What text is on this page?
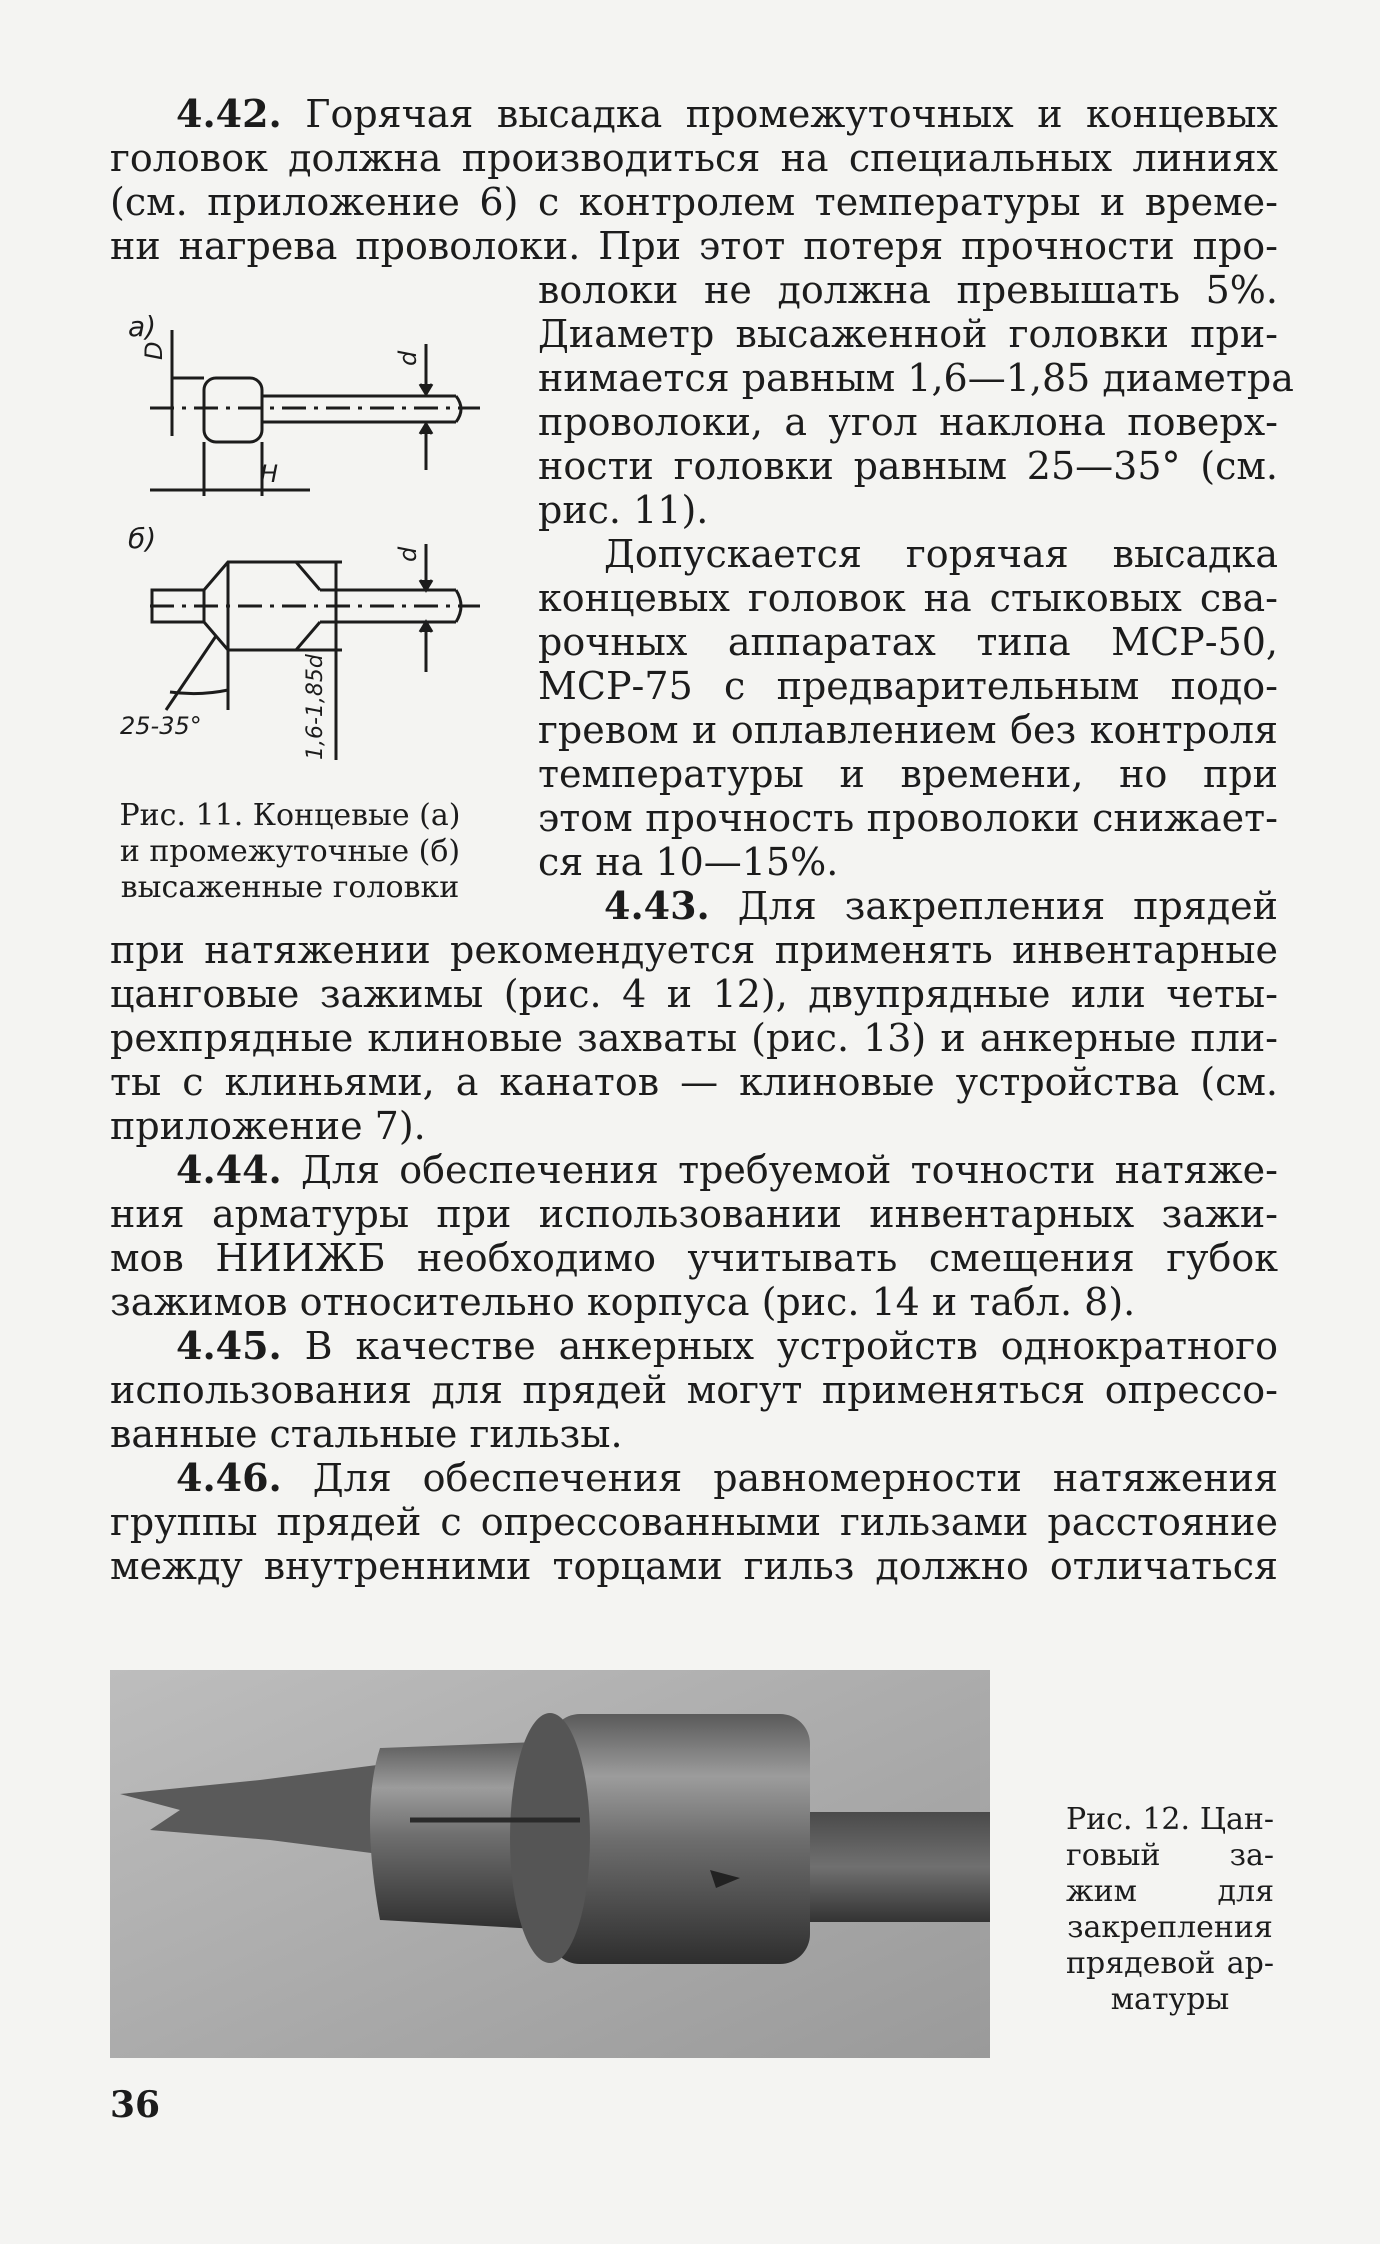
4.42. Горячая высадка промежуточных и концевых
головок должна производиться на специальных линиях
(см. приложение 6) с контролем температуры и време-
ни нагрева проволоки. При этот потеря прочности про-
волоки не должна превышать 5%.
Диаметр высаженной головки при-
нимается равным 1,6—1,85 диаметра
проволоки, а угол наклона поверх-
ности головки равным 25—35° (см.
рис. 11).
Допускается горячая высадка
концевых головок на стыковых сва-
рочных аппаратах типа МСР-50,
МСР-75 с предварительным подо-
гревом и оплавлением без контроля
температуры и времени, но при
этом прочность проволоки снижает-
ся на 10—15%.
4.43. Для закрепления прядей
при натяжении рекомендуется применять инвентарные
цанговые зажимы (рис. 4 и 12), двупрядные или четы-
рехпрядные клиновые захваты (рис. 13) и анкерные пли-
ты с клиньями, а канатов — клиновые устройства (см.
приложение 7).
4.44. Для обеспечения требуемой точности натяже-
ния арматуры при использовании инвентарных зажи-
мов НИИЖБ необходимо учитывать смещения губок
зажимов относительно корпуса (рис. 14 и табл. 8).
4.45. В качестве анкерных устройств однократного
использования для прядей могут применяться опрессо-
ванные стальные гильзы.
4.46. Для обеспечения равномерности натяжения
группы прядей с опрессованными гильзами расстояние
между внутренними торцами гильз должно отличаться
а)
D	d
H
б)	d
1,6-1,85d
25-35°
Рис. 11. Концевые (а)
и промежуточные (б)
высаженные головки
Рис. 12. Цан-
говый за-
жим для
закрепления
прядевой ар-
матуры
36
